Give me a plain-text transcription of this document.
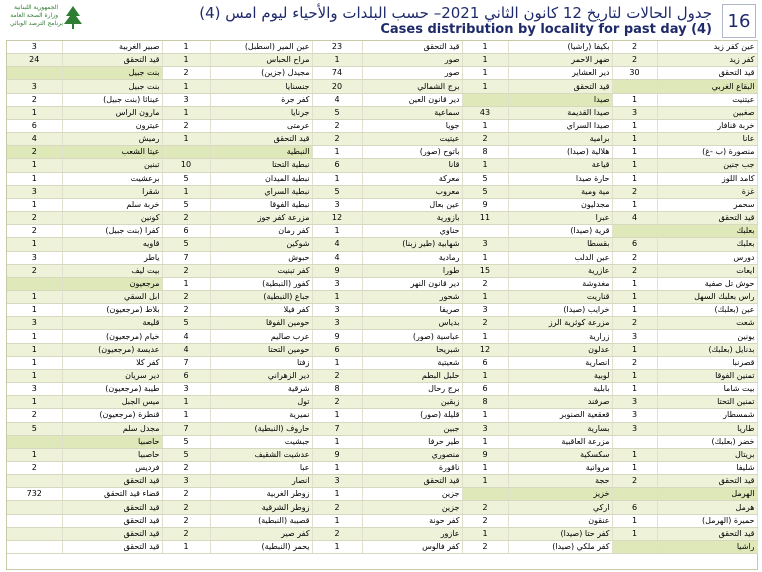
الجمهورية اللبنانية
وزارة الصحة العامة
برنامج الترصد الوبائي
جدول الحالات لتاريخ 12 كانون الثاني 2021– حسب البلدات والأحياء ليوم امس (4)
Cases distribution by locality for past day (4) 16
3	صبير الغربية	1	عين المير (اسطبل)	23	قيد التحقق	1	بكيفا (راشيا)	2	عين كفر زيد
24	قيد التحقق	1	مراح الحباس	1	صور	1	ضهر الاحمر	2	كفر زيد
	بنت جبيل	2	مجيدل (جزين)	74	صور	1	دير العشاير	30	قيد التحقق
3	بنت جبيل	1	جنسنايا	20	برج الشمالي	1	قيد التحقق		البقاع الغربي
2	عيناثا (بنت جبيل)	3	كفر جرة	4	دير قانون العين		صيدا	1	عيتنيت
1	مارون الراس	1	جرنايا	5	سماعية	43	صيدا القديمة	3	صغبين
6	عيترون	2	عرمتى	2	جويا	1	صيدا السراي	1	خربة قنافار
4	رميش	1	قيد التحقق	2	عيتيت	2	برامية	1	عانا
2	عيتا الشعب		النبطية	1	باتوح (صور)	8	هلالية (صيدا)	1	منصورة (ب -غ)
1	تبنين	10	نبطية التحتا	6	قانا	1	قياعة	1	جب جنين
1	برعشيت	5	نبطية الميدان	1	معركة	5	حارة صيدا	1	كامد اللوز
3	شقرا	1	نبطية السراي	5	معروب	5	مية ومية	2	غزة
1	خربة سلم	5	نبطية الفوقا	3	عين بعال	9	مجدليون	1	سحمر
2	كونين	2	مزرعة كفر جوز	12	بازورية	11	عبرا	4	قيد التحقق
2	كفرا (بنت جبيل)	6	كفر رمان	1	حناوي		قرية (صيدا)		بعلبك
1	قاويه	5	شوكين	4	شهابية (طير زبنا)	3	بقسطا	6	بعلبك
3	ياطر	7	حبوش	4	رمادية	1	عين الدلب	2	دورس
2	بيت ليف	2	كفر تبنيت	9	طورا	15	عازرية	2	ايعات
	مرجعيون	1	كفور (النبطية)	3	دير قانون النهر	2	مغدوشة	1	حوش تل صفية
1	ابل السقي	2	جباع (النبطية)	1	شحور	1	قناريت	1	راس بعلبك السهل
1	بلاط (مرجعيون)	2	كفر فيلا	3	صريفا	3	خرايب (صيدا)	1	عين (بعلبك)
3	قليعة	5	حومين الفوقا	3	بدياس	2	مزرعة كوثرية الرز	2	شعت
1	خيام (مرجعيون)	4	عرب صاليم	9	عباسية (صور)	1	زرارية	3	يونين
1	عديسة (مرجعيون)	4	حومين التحتا	6	شبريحا	12	عدلون	1	بدنايل (بعلبك)
1	كفر كلا	7	زفتا	1	شعيتية	6	انصارية	2	قصرنبا
1	دير سريان	6	دير الزهراني	2	حلبل البطم	1	لوبية	1	تمنين الفوقا
3	طيبة (مرجعيون)	3	شرقية	8	برج رحال	6	بابلية	1	بيت شاما
1	ميس الجبل	1	تول	2	زبقين	8	صرفند	3	تمنين التحتا
2	قنطرة (مرجعيون)	1	نميرية	1	قليلة (صور)	1	قعقعية الصنوبر	3	شمسطار
5	مجدل سلم	7	حاروف (النبطية)	7	جبين	3	بسارية	3	طاريا
	حاصبيا	5	جبشيت	1	طير حرفا	1	مزرعة العاقبية		خضر (بعلبك)
1	حاصبيا	5	عدشيت الشقيف	9	منصوري	9	سكسكية	1	بريتال
2	فرديس	2	عبا	1	ناقورة	1	مروانية	1	شليفا
	قيد التحقق	3	انصار	3	قيد التحقق	1	حجة	2	قيد التحقق
732	قضاء قيد التحقق	2	زوطر الغربية	1	جزين		خزيز		الهرمل
	قيد التحقق	2	زوطر الشرقية	2	جزين	2	اركي	6	هرمل
	قيد التحقق	2	قصيبة (النبطية)	1	كفر حونة	2	عنقون	1	حميرة (الهرمل)
	قيد التحقق	2	كفر صير	2	عازور	1	كفر حتا (صيدا)	1	قيد التحقق
	قيد التحقق	1	يحمر (النبطية)	1	كفر فالوس	2	كفر ملكي (صيدا)		راشيا
